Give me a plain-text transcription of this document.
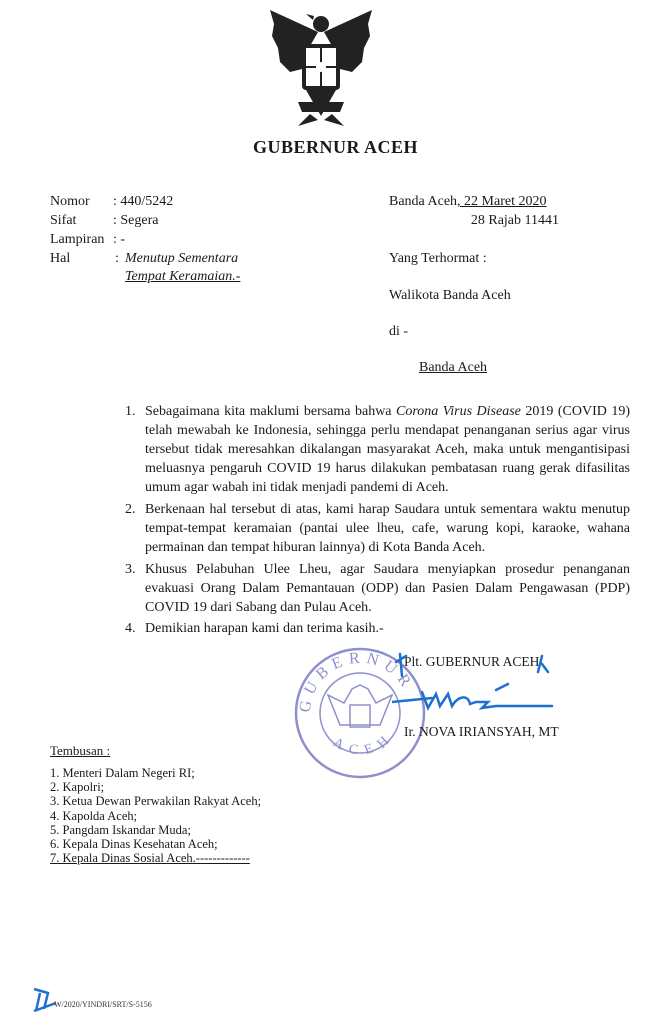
GUBERNUR ACEH
Nomor : 440/5242
Sifat	: Segera
Lampiran : -
Hal	: Menutup Sementara
Tempat Keramaian.-
Banda Aceh, 22 Maret 2020
28 Rajab 11441
Yang Terhormat :
Walikota Banda Aceh
di -
Banda Aceh
1. Sebagaimana kita maklumi bersama bahwa Corona Virus Disease 2019 (COVID 19) telah mewabah ke Indonesia, sehingga perlu mendapat penanganan serius agar virus tersebut tidak meresahkan dikalangan masyarakat Aceh, maka untuk mengantisipasi meluasnya pengaruh COVID 19 harus dilakukan pembatasan ruang gerak difasilitas umum agar wabah ini tidak menjadi pandemi di Aceh.
2. Berkenaan hal tersebut di atas, kami harap Saudara untuk sementara waktu menutup tempat-tempat keramaian (pantai ulee lheu, cafe, warung kopi, karaoke, wahana permainan dan tempat hiburan lainnya) di Kota Banda Aceh.
3. Khusus Pelabuhan Ulee Lheu, agar Saudara menyiapkan prosedur penanganan evakuasi Orang Dalam Pemantauan (ODP) dan Pasien Dalam Pengawasan (PDP) COVID 19 dari Sabang dan Pulau Aceh.
4. Demikian harapan kami dan terima kasih.-
GUBERNUR
ACEH
Plt. GUBERNUR ACEH
Ir. NOVA IRIANSYAH, MT
Tembusan :
1. Menteri Dalam Negeri RI;
2. Kapolri;
3. Ketua Dewan Perwakilan Rakyat Aceh;
4. Kapolda Aceh;
5. Pangdam Iskandar Muda;
6. Kepala Dinas Kesehatan Aceh;
7. Kepala Dinas Sosial Aceh.-------------
W/2020/YINDRI/SRT/S-5156
